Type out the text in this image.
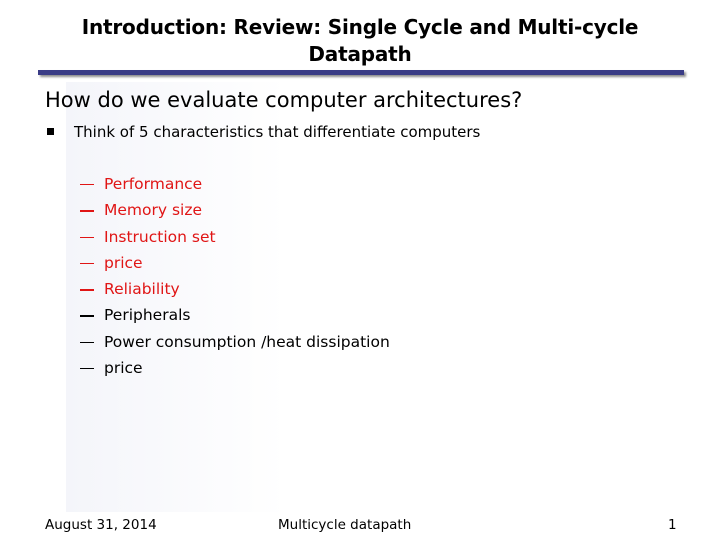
Introduction: Review: Single Cycle and Multi-cycle Datapath
How do we evaluate computer architectures?
Think of 5 characteristics that differentiate computers
Performance
Memory size
Instruction set
price
Reliability
Peripherals
Power consumption /heat dissipation
price
August 31, 2014	Multicycle datapath	1
